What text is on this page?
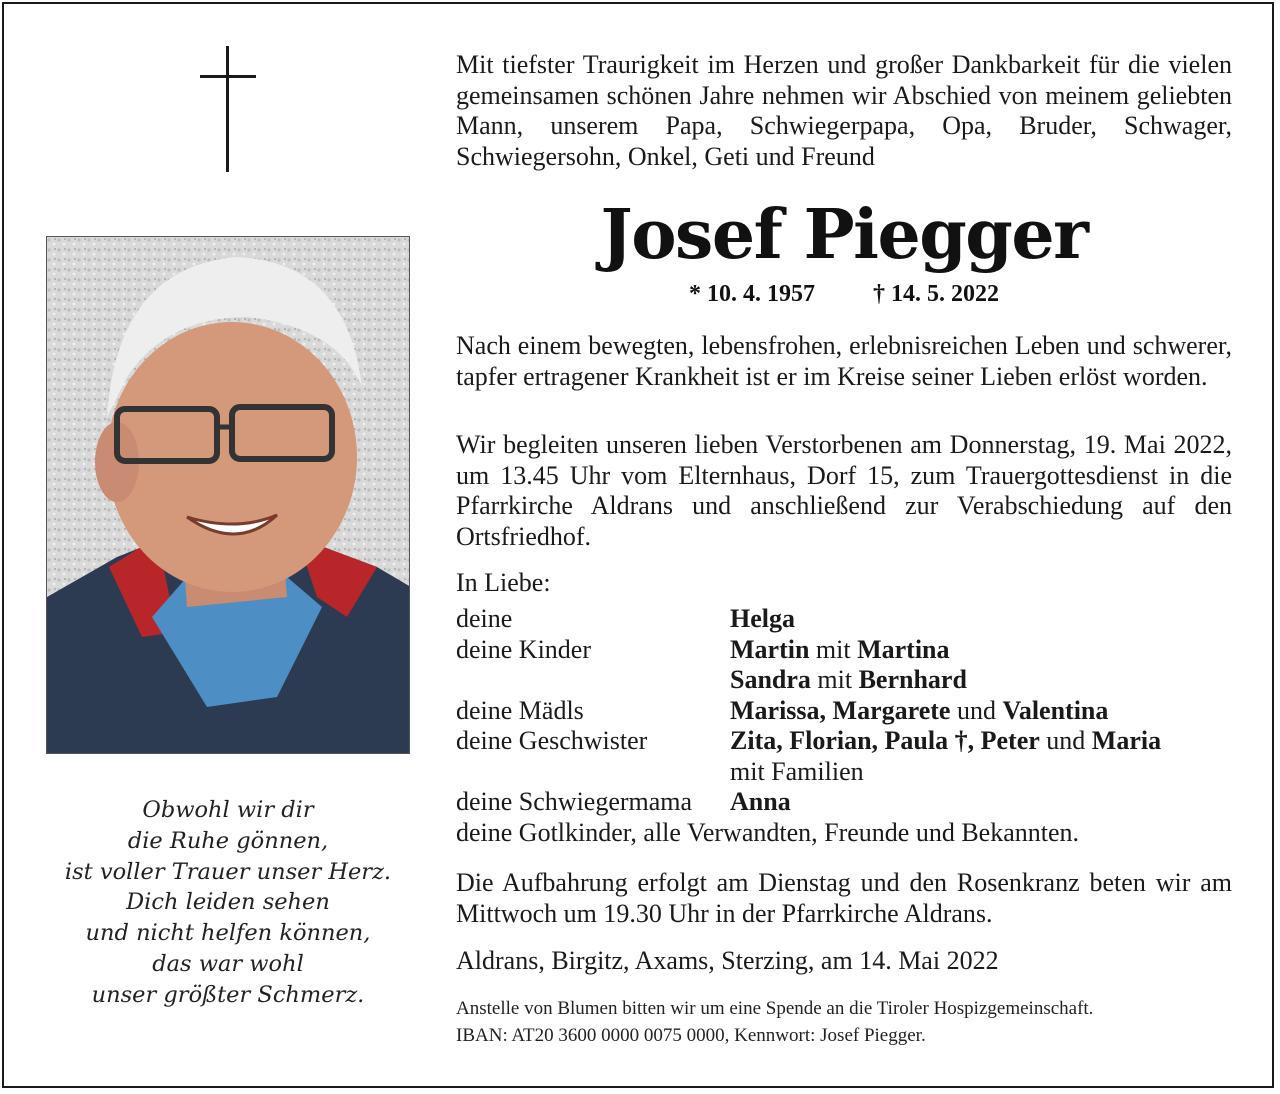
Obwohl wir dir
die Ruhe gönnen,
ist voller Trauer unser Herz.
Dich leiden sehen
und nicht helfen können,
das war wohl
unser größter Schmerz.
Mit tiefster Traurigkeit im Herzen und großer Dankbarkeit für die vielen gemeinsamen schönen Jahre nehmen wir Abschied von meinem geliebten Mann, unserem Papa, Schwiegerpapa, Opa, Bruder, Schwager, Schwiegersohn, Onkel, Geti und Freund
Josef Piegger
* 10. 4. 1957 † 14. 5. 2022
Nach einem bewegten, lebensfrohen, erlebnisreichen Leben und schwerer, tapfer ertragener Krankheit ist er im Kreise seiner Lieben erlöst worden.
Wir begleiten unseren lieben Verstorbenen am Donnerstag, 19. Mai 2022, um 13.45 Uhr vom Elternhaus, Dorf 15, zum Trauergottesdienst in die Pfarrkirche Aldrans und anschließend zur Verabschiedung auf den Ortsfriedhof.
In Liebe:
deine	Helga
deine Kinder	Martin mit Martina
Sandra mit Bernhard
deine Mädls	Marissa, Margarete und Valentina
deine Geschwister	Zita, Florian, Paula †, Peter und Maria
mit Familien
deine Schwiegermama	Anna
deine Gotlkinder, alle Verwandten, Freunde und Bekannten.
Die Aufbahrung erfolgt am Dienstag und den Rosenkranz beten wir am Mittwoch um 19.30 Uhr in der Pfarrkirche Aldrans.
Aldrans, Birgitz, Axams, Sterzing, am 14. Mai 2022
Anstelle von Blumen bitten wir um eine Spende an die Tiroler Hospizgemeinschaft.
IBAN: AT20 3600 0000 0075 0000, Kennwort: Josef Piegger.
